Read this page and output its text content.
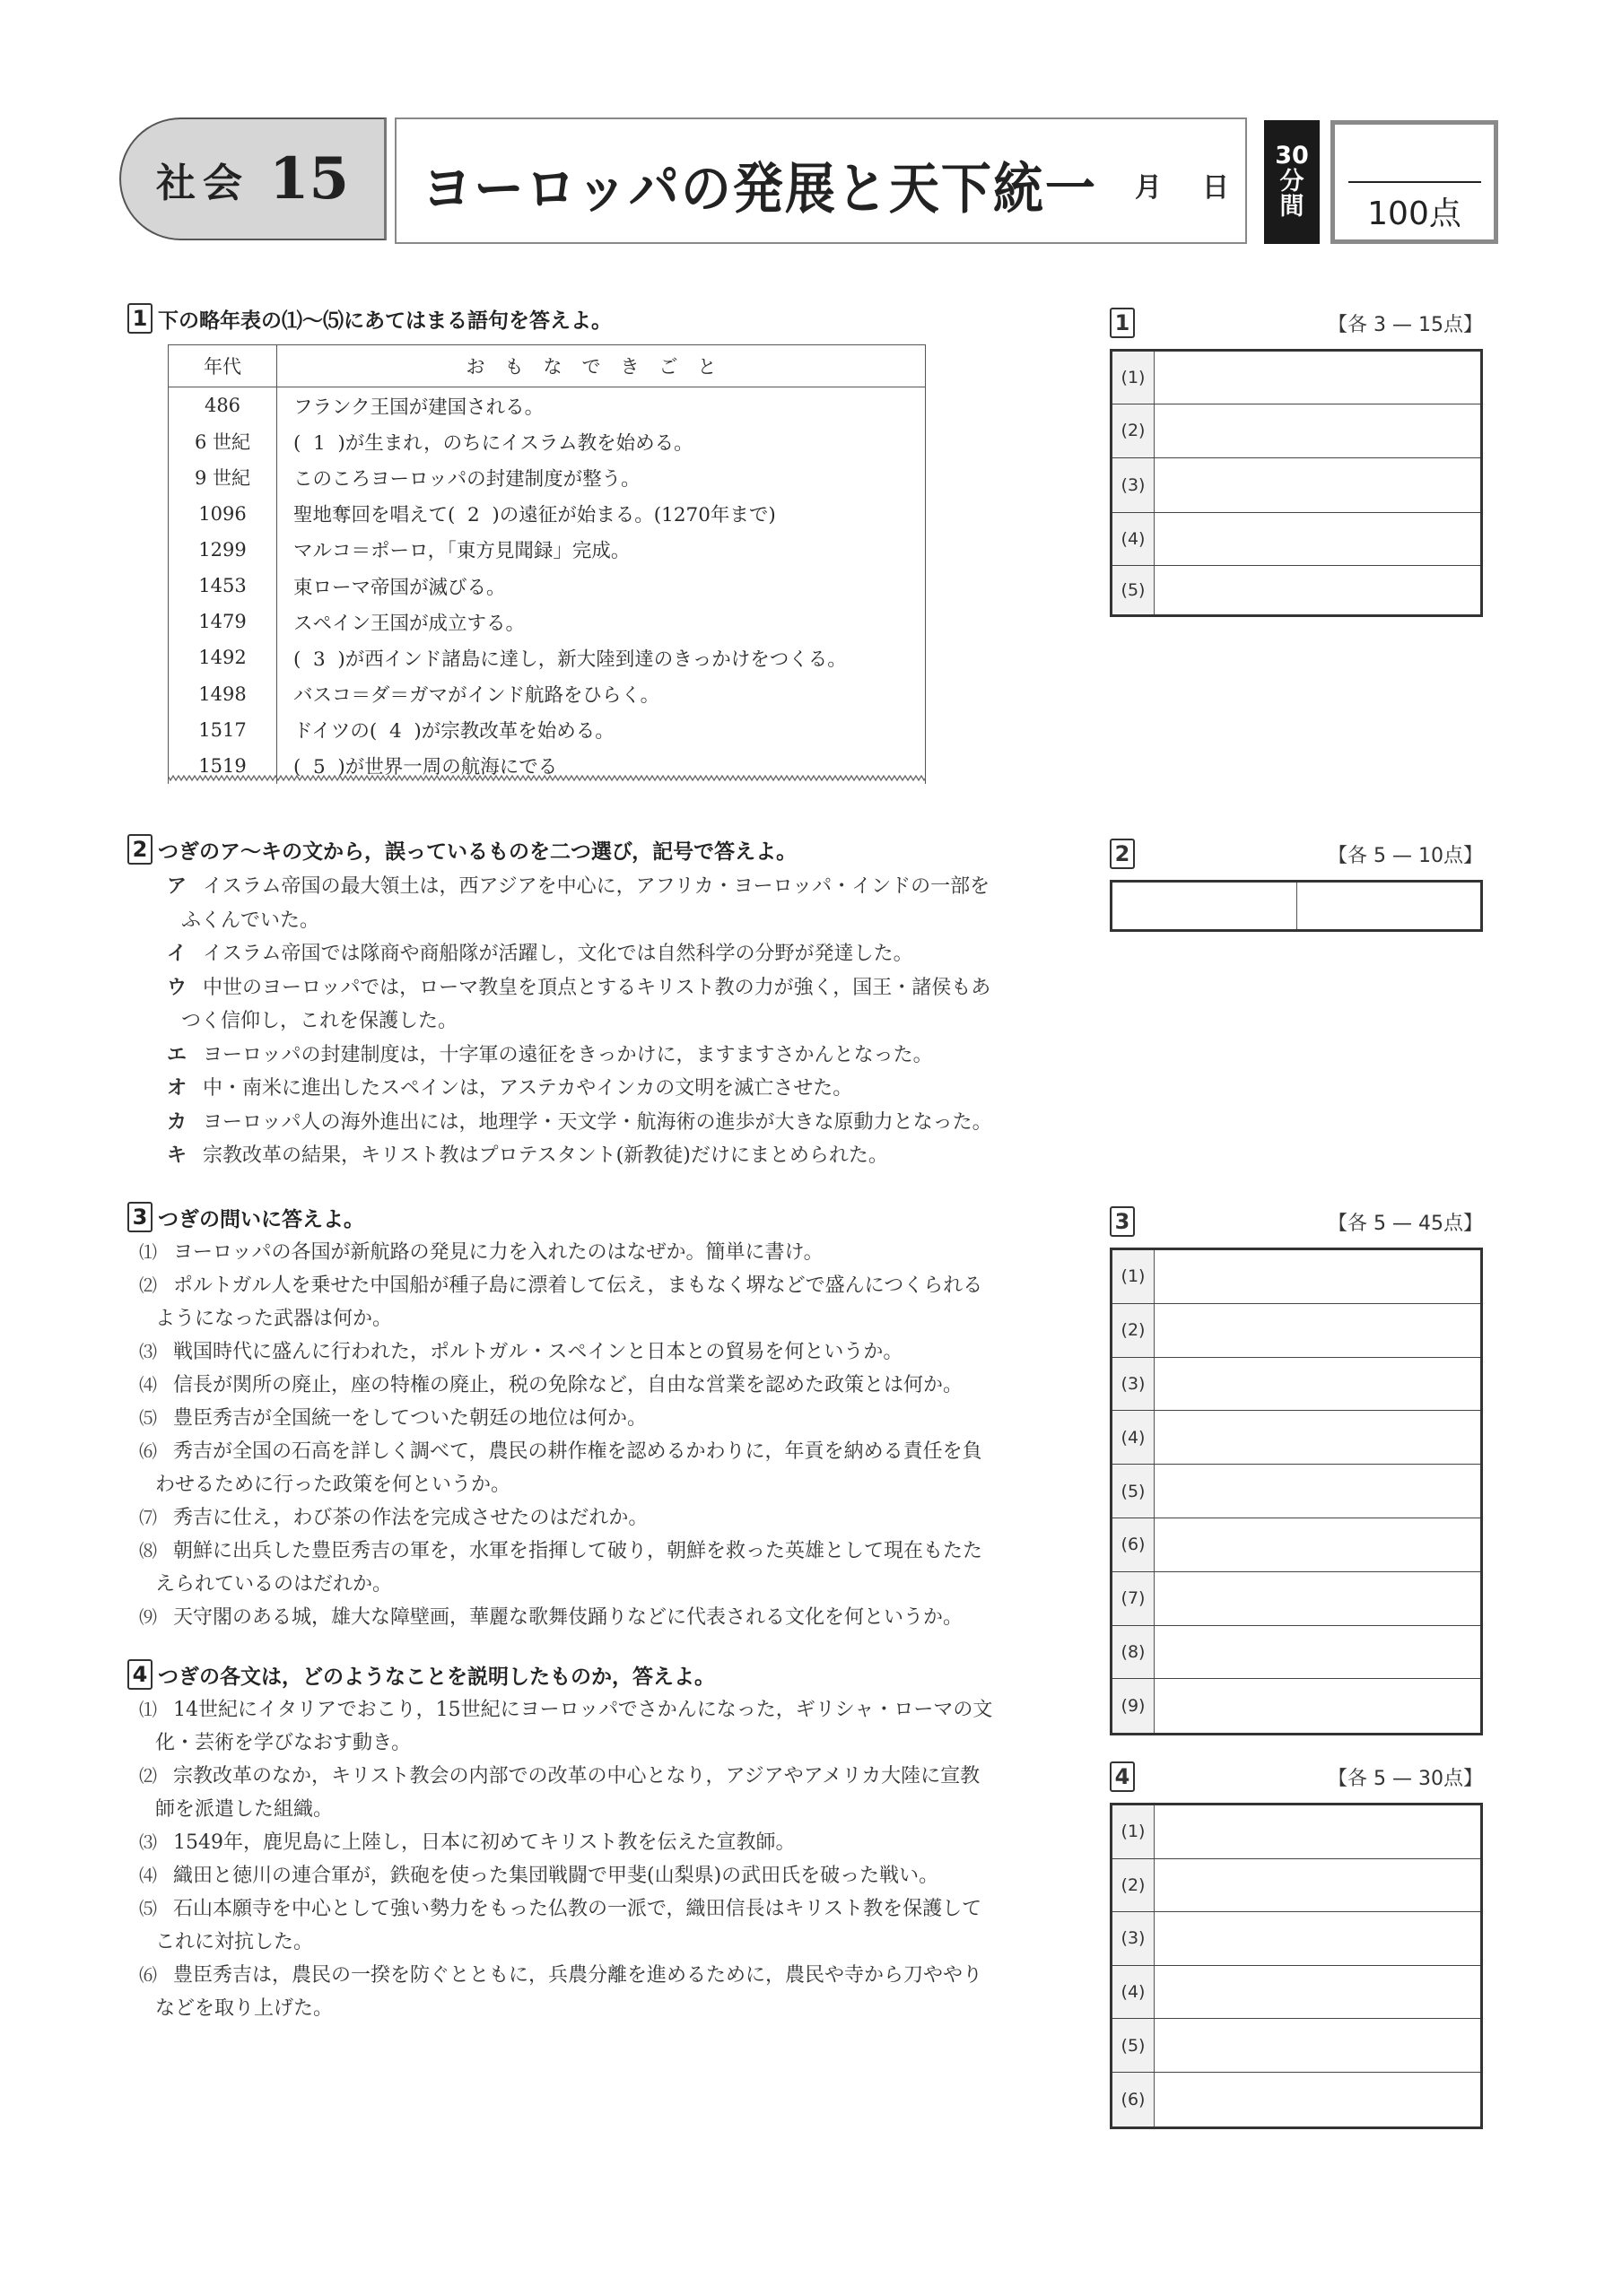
社会 15 ヨーロッパの発展と天下統一 月 日
30
分
間	100点
1 下の略年表の⑴〜⑸にあてはまる語句を答えよ。
年代	おもなできごと
486	フランク王国が建国される。
6 世紀	(  1  )が生まれ，のちにイスラム教を始める。
9 世紀	このころヨーロッパの封建制度が整う。
1096	聖地奪回を唱えて(  2  )の遠征が始まる。(1270年まで)
1299	マルコ＝ポーロ，「東方見聞録」完成。
1453	東ローマ帝国が滅びる。
1479	スペイン王国が成立する。
1492	(  3  )が西インド諸島に達し，新大陸到達のきっかけをつくる。
1498	バスコ＝ダ＝ガマがインド航路をひらく。
1517	ドイツの(  4  )が宗教改革を始める。
1519	(  5  )が世界一周の航海にでる
1	【各 3 — 15点】
(1)
(2)
(3)
(4)
(5)
2 つぎのア〜キの文から，誤っているものを二つ選び，記号で答えよ。
ア イスラム帝国の最大領土は，西アジアを中心に，アフリカ・ヨーロッパ・インドの一部を
ふくんでいた。
イ イスラム帝国では隊商や商船隊が活躍し，文化では自然科学の分野が発達した。
ウ 中世のヨーロッパでは，ローマ教皇を頂点とするキリスト教の力が強く，国王・諸侯もあ
つく信仰し，これを保護した。
エ ヨーロッパの封建制度は，十字軍の遠征をきっかけに，ますますさかんとなった。
オ 中・南米に進出したスペインは，アステカやインカの文明を滅亡させた。
カ ヨーロッパ人の海外進出には，地理学・天文学・航海術の進歩が大きな原動力となった。
キ 宗教改革の結果，キリスト教はプロテスタント(新教徒)だけにまとめられた。
2	【各 5 — 10点】
3 つぎの問いに答えよ。
⑴ ヨーロッパの各国が新航路の発見に力を入れたのはなぜか。簡単に書け。
⑵ ポルトガル人を乗せた中国船が種子島に漂着して伝え，まもなく堺などで盛んにつくられる
ようになった武器は何か。
⑶ 戦国時代に盛んに行われた，ポルトガル・スペインと日本との貿易を何というか。
⑷ 信長が関所の廃止，座の特権の廃止，税の免除など，自由な営業を認めた政策とは何か。
⑸ 豊臣秀吉が全国統一をしてついた朝廷の地位は何か。
⑹ 秀吉が全国の石高を詳しく調べて，農民の耕作権を認めるかわりに，年貢を納める責任を負
わせるために行った政策を何というか。
⑺ 秀吉に仕え，わび茶の作法を完成させたのはだれか。
⑻ 朝鮮に出兵した豊臣秀吉の軍を，水軍を指揮して破り，朝鮮を救った英雄として現在もたた
えられているのはだれか。
⑼ 天守閣のある城，雄大な障壁画，華麗な歌舞伎踊りなどに代表される文化を何というか。
3	【各 5 — 45点】
(1)
(2)
(3)
(4)
(5)
(6)
(7)
(8)
(9)
4 つぎの各文は，どのようなことを説明したものか，答えよ。
⑴ 14世紀にイタリアでおこり，15世紀にヨーロッパでさかんになった，ギリシャ・ローマの文
化・芸術を学びなおす動き。
⑵ 宗教改革のなか，キリスト教会の内部での改革の中心となり，アジアやアメリカ大陸に宣教
師を派遣した組織。
⑶ 1549年，鹿児島に上陸し，日本に初めてキリスト教を伝えた宣教師。
⑷ 織田と徳川の連合軍が，鉄砲を使った集団戦闘で甲斐(山梨県)の武田氏を破った戦い。
⑸ 石山本願寺を中心として強い勢力をもった仏教の一派で，織田信長はキリスト教を保護して
これに対抗した。
⑹ 豊臣秀吉は，農民の一揆を防ぐとともに，兵農分離を進めるために，農民や寺から刀ややり
などを取り上げた。
4	【各 5 — 30点】
(1)
(2)
(3)
(4)
(5)
(6)
